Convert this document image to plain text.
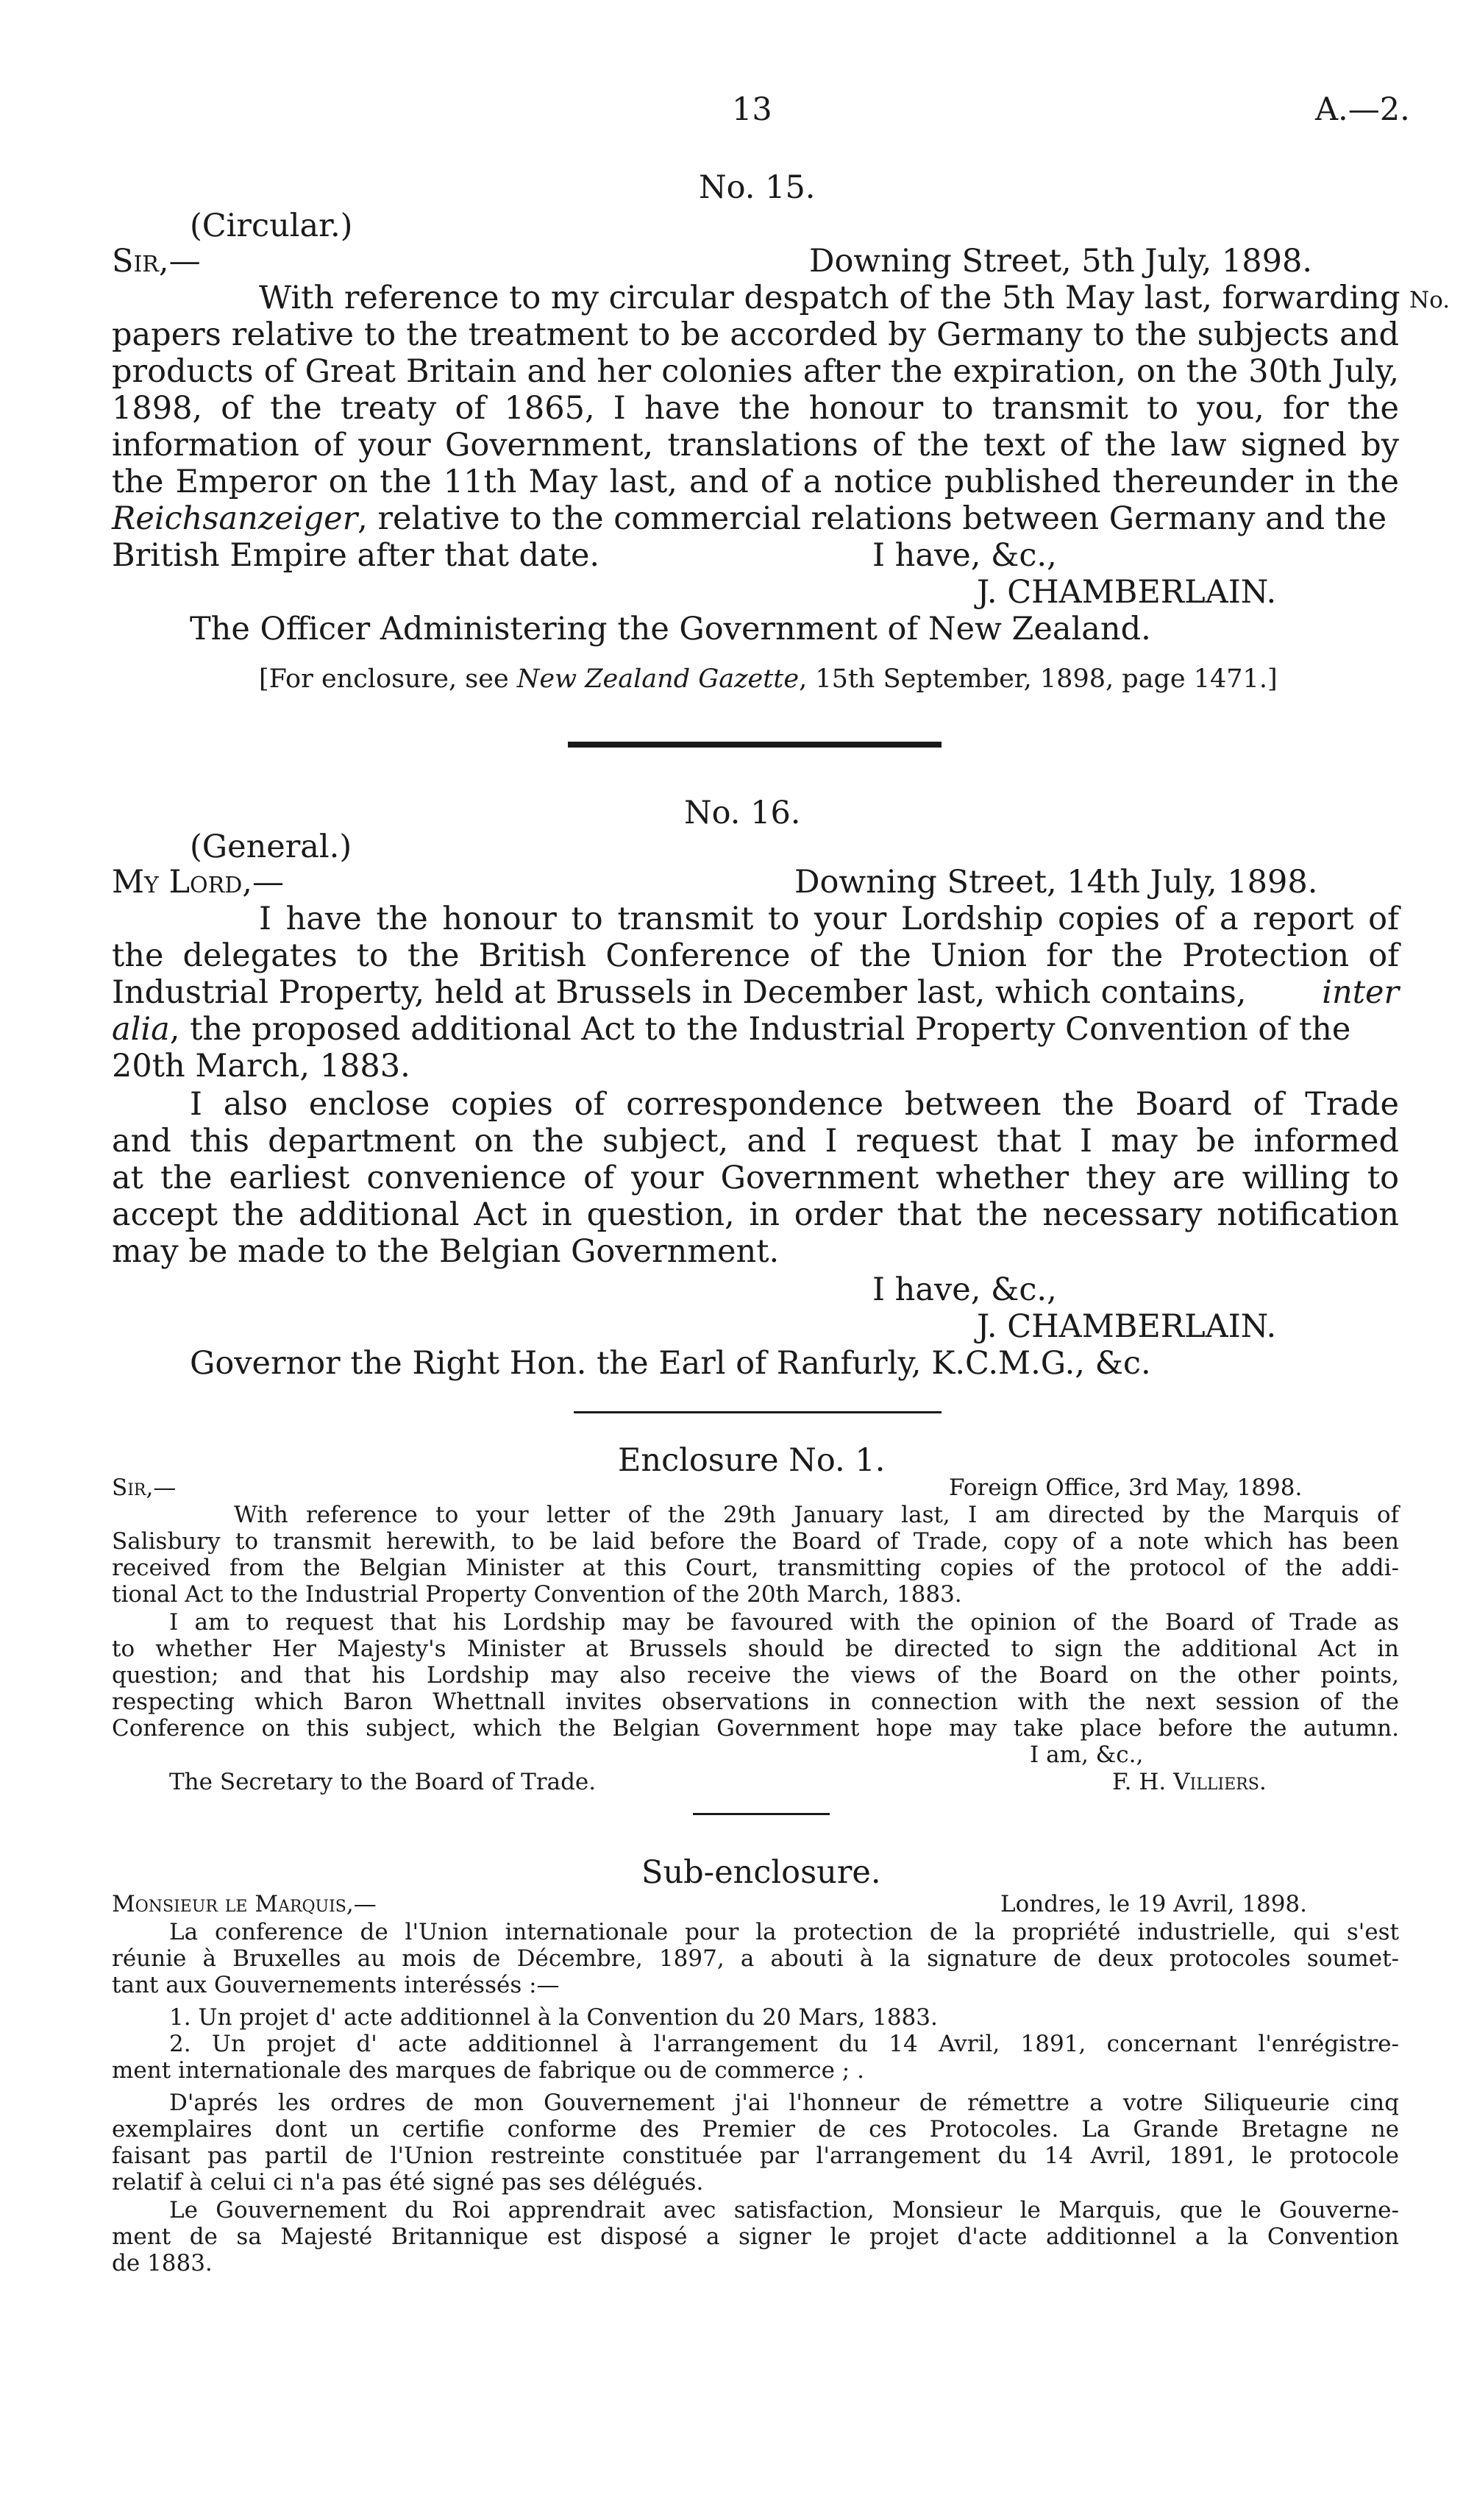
13	A.—2.
No. 15.
(Circular.)
Sir,—	Downing Street, 5th July, 1898.
No.
With reference to my circular despatch of the 5th May last, forwarding
papers relative to the treatment to be accorded by Germany to the subjects and
products of Great Britain and her colonies after the expiration, on the 30th July,
1898, of the treaty of 1865, I have the honour to transmit to you, for the
information of your Government, translations of the text of the law signed by
the Emperor on the 11th May last, and of a notice published thereunder in the
Reichsanzeiger, relative to the commercial relations between Germany and the
British Empire after that date.	I have, &c.,
J. CHAMBERLAIN.
The Officer Administering the Government of New Zealand.
[For enclosure, see New Zealand Gazette, 15th September, 1898, page 1471.]
No. 16.
(General.)
My Lord,—	Downing Street, 14th July, 1898.
I have the honour to transmit to your Lordship copies of a report of
the delegates to the British Conference of the Union for the Protection of
Industrial Property, held at Brussels in December last, which contains, inter
alia, the proposed additional Act to the Industrial Property Convention of the
20th March, 1883.
I also enclose copies of correspondence between the Board of Trade
and this department on the subject, and I request that I may be informed
at the earliest convenience of your Government whether they are willing to
accept the additional Act in question, in order that the necessary notification
may be made to the Belgian Government.
I have, &c.,
J. CHAMBERLAIN.
Governor the Right Hon. the Earl of Ranfurly, K.C.M.G., &c.
Enclosure No. 1.
Sir,—	Foreign Office, 3rd May, 1898.
With reference to your letter of the 29th January last, I am directed by the Marquis of
Salisbury to transmit herewith, to be laid before the Board of Trade, copy of a note which has been
received from the Belgian Minister at this Court, transmitting copies of the protocol of the addi-
tional Act to the Industrial Property Convention of the 20th March, 1883.
I am to request that his Lordship may be favoured with the opinion of the Board of Trade as
to whether Her Majesty's Minister at Brussels should be directed to sign the additional Act in
question; and that his Lordship may also receive the views of the Board on the other points,
respecting which Baron Whettnall invites observations in connection with the next session of the
Conference on this subject, which the Belgian Government hope may take place before the autumn.
I am, &c.,
The Secretary to the Board of Trade.	F. H. Villiers.
Sub-enclosure.
Monsieur le Marquis,—	Londres, le 19 Avril, 1898.
La conference de l'Union internationale pour la protection de la propriété industrielle, qui s'est
réunie à Bruxelles au mois de Décembre, 1897, a abouti à la signature de deux protocoles soumet-
tant aux Gouvernements interéssés :—
1. Un projet d' acte additionnel à la Convention du 20 Mars, 1883.
2. Un projet d' acte additionnel à l'arrangement du 14 Avril, 1891, concernant l'enrégistre-
ment internationale des marques de fabrique ou de commerce ; .
D'aprés les ordres de mon Gouvernement j'ai l'honneur de rémettre a votre Siliqueurie cinq
exemplaires dont un certifie conforme des Premier de ces Protocoles. La Grande Bretagne ne
faisant pas partil de l'Union restreinte constituée par l'arrangement du 14 Avril, 1891, le protocole
relatif à celui ci n'a pas été signé pas ses délégués.
Le Gouvernement du Roi apprendrait avec satisfaction, Monsieur le Marquis, que le Gouverne-
ment de sa Majesté Britannique est disposé a signer le projet d'acte additionnel a la Convention
de 1883.
